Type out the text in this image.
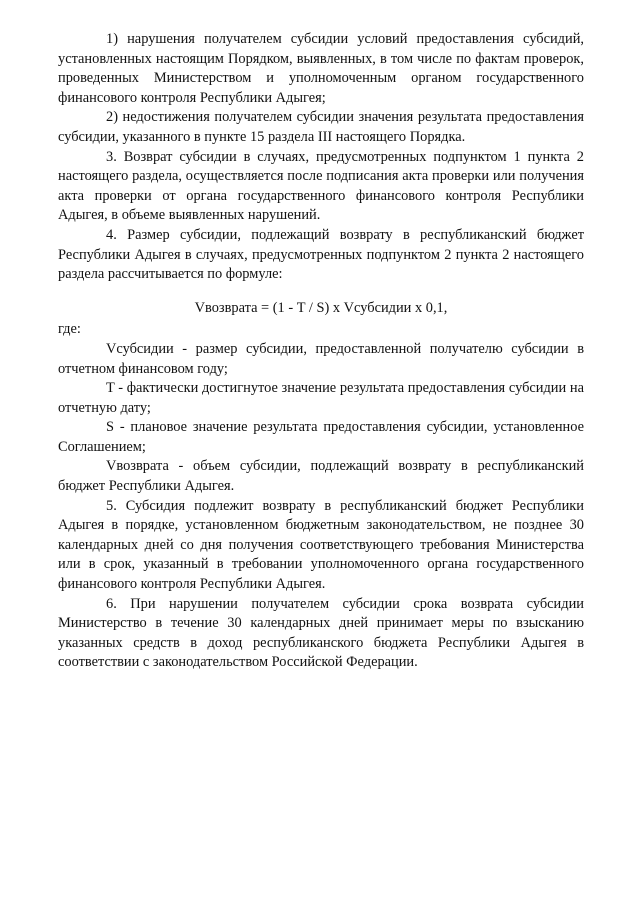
1) нарушения получателем субсидии условий предоставления субсидий, установленных настоящим Порядком, выявленных, в том числе по фактам проверок, проведенных Министерством и уполномоченным органом государственного финансового контроля Республики Адыгея;

2) недостижения получателем субсидии значения результата предоставления субсидии, указанного в пункте 15 раздела III настоящего Порядка.

3. Возврат субсидии в случаях, предусмотренных подпунктом 1 пункта 2 настоящего раздела, осуществляется после подписания акта проверки или получения акта проверки от органа государственного финансового контроля Республики Адыгея, в объеме выявленных нарушений.

4. Размер субсидии, подлежащий возврату в республиканский бюджет Республики Адыгея в случаях, предусмотренных подпунктом 2 пункта 2 настоящего раздела рассчитывается по формуле:

Vвозврата = (1 - T / S) х Vсубсидии х 0,1,

где:

Vсубсидии - размер субсидии, предоставленной получателю субсидии в отчетном финансовом году;

T - фактически достигнутое значение результата предоставления субсидии на отчетную дату;

S - плановое значение результата предоставления субсидии, установленное Соглашением;

Vвозврата - объем субсидии, подлежащий возврату в республиканский бюджет Республики Адыгея.

5. Субсидия подлежит возврату в республиканский бюджет Республики Адыгея в порядке, установленном бюджетным законодательством, не позднее 30 календарных дней со дня получения соответствующего требования Министерства или в срок, указанный в требовании уполномоченного органа государственного финансового контроля Республики Адыгея.

6. При нарушении получателем субсидии срока возврата субсидии Министерство в течение 30 календарных дней принимает меры по взысканию указанных средств в доход республиканского бюджета Республики Адыгея в соответствии с законодательством Российской Федерации.
